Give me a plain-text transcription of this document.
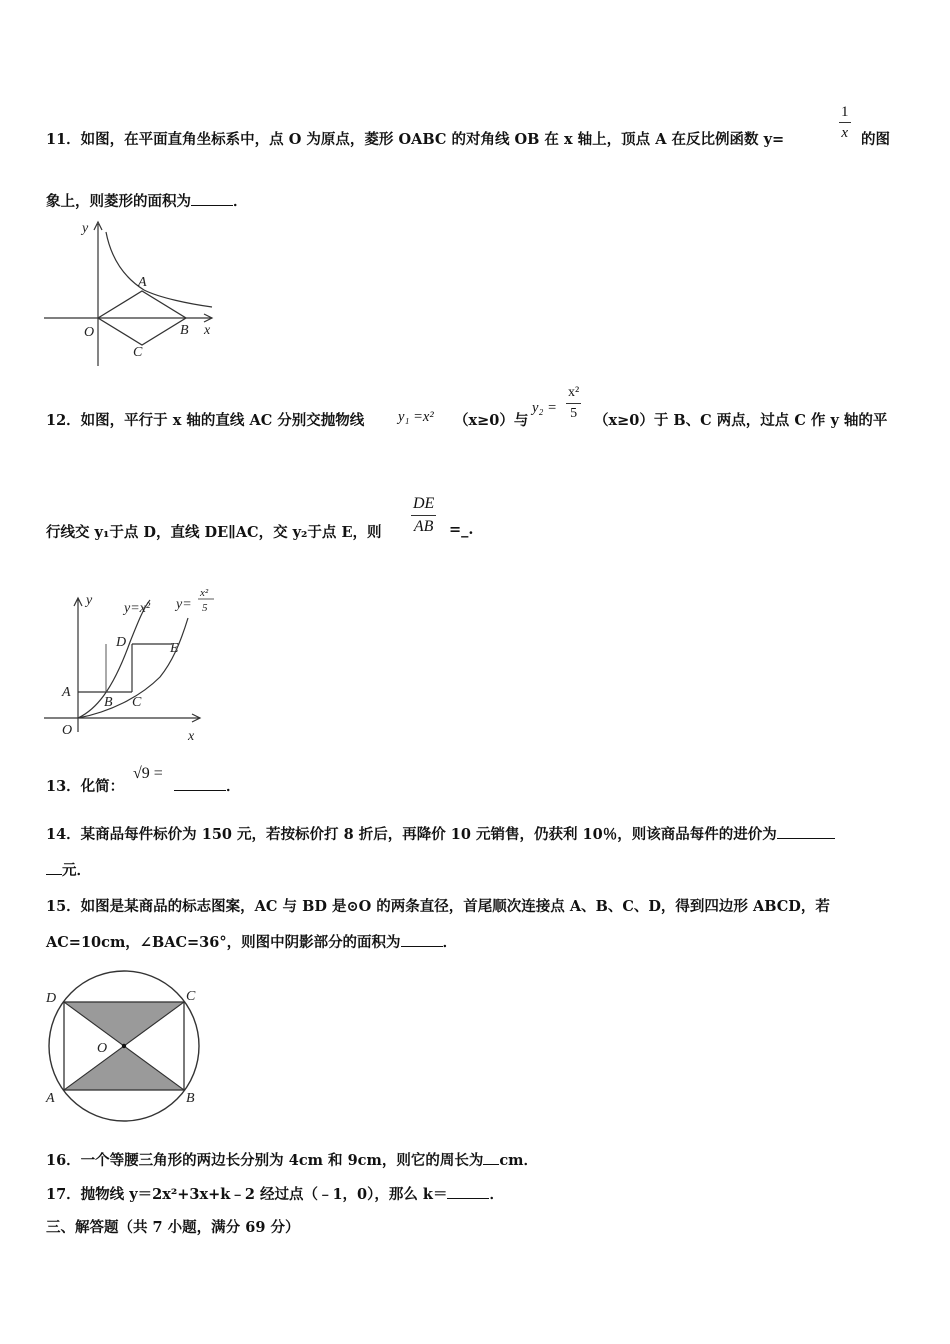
11．如图，在平面直角坐标系中，点 O 为原点，菱形 OABC 的对角线 OB 在 x 轴上，顶点 A 在反比例函数 y=	$\frac{1}{x}$ 的图
象上，则菱形的面积为	．
y
x
O
A
B
C
12．如图，平行于 x 轴的直线 AC 分别交抛物线 y₁ =x² （x≥0）与
$y_2 = \frac{\text{x²}}{5} (x\ge 0)$于 B、C 两点，过点 C 作 y 轴的平
行线交 y₁于点 D，直线 DE∥AC，交 y₂于点 E，则 $\frac{DE}{AB}$ =_.
y
x
O
A
B C
D	E
y=x² y=
x²
5
13．化简：
√9 =
．
14．某商品每件标价为 150 元，若按标价打 8 折后，再降价 10 元销售，仍获利 10％，则该商品每件的进价为
元．
15．如图是某商品的标志图案，AC 与 BD 是⊙O 的两条直径，首尾顺次连接点 A、B、C、D，得到四边形 ABCD，若
AC=10cm，∠BAC=36°，则图中阴影部分的面积为	．
A	B
C
D
O
16．一个等腰三角形的两边长分别为 4cm 和 9cm，则它的周长为 cm．
17．抛物线 y＝2x²+3x+k﹣2 经过点（﹣1，0），那么 k＝	．
三、解答题（共 7 小题，满分 69 分）
